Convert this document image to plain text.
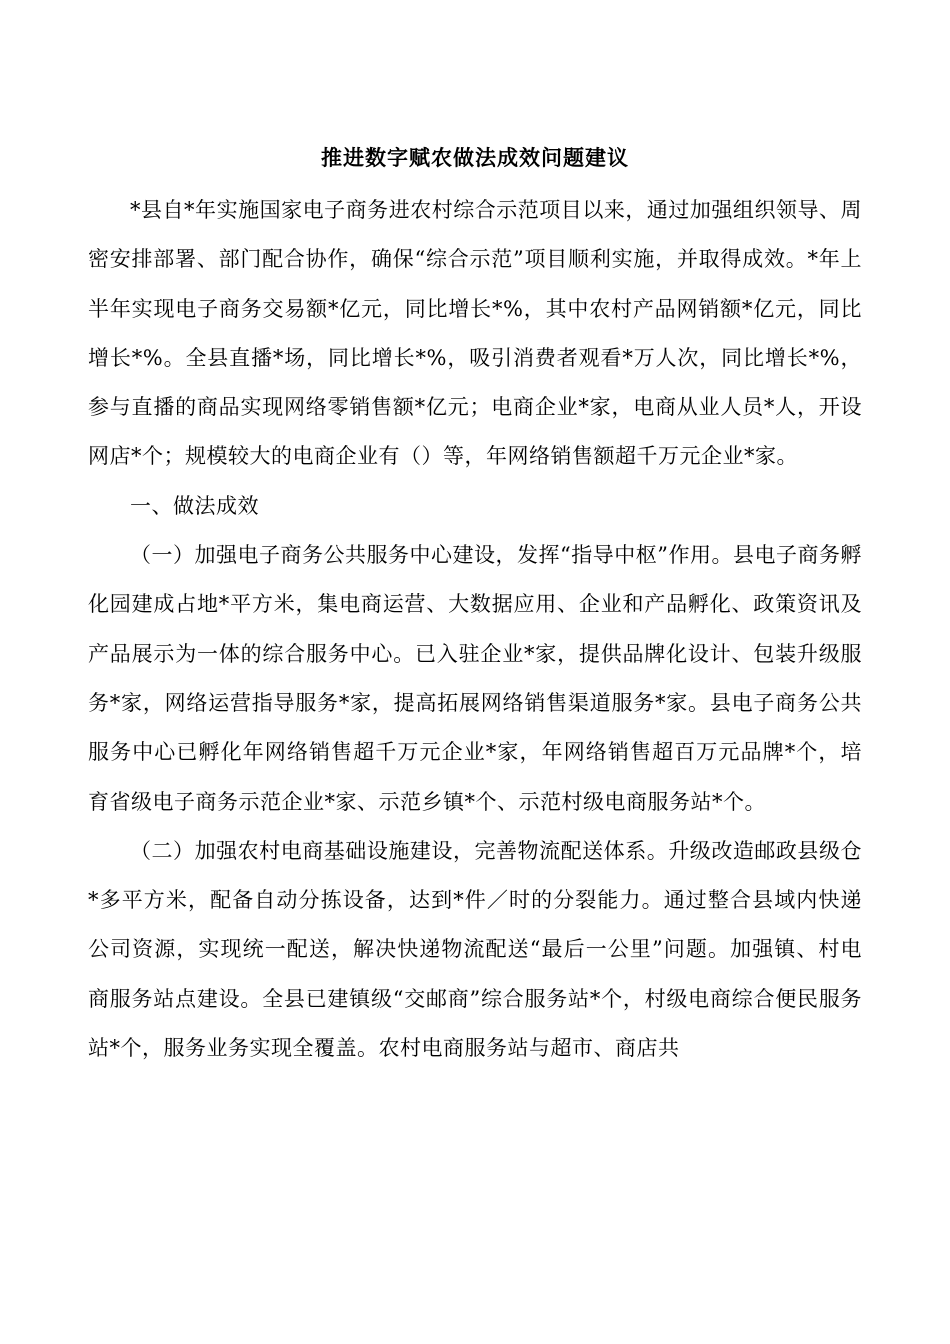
推进数字赋农做法成效问题建议

*县自*年实施国家电子商务进农村综合示范项目以来，通过加强组织领导、周密安排部署、部门配合协作，确保“综合示范”项目顺利实施，并取得成效。*年上半年实现电子商务交易额*亿元，同比增长*%，其中农村产品网销额*亿元，同比增长*%。全县直播*场，同比增长*%，吸引消费者观看*万人次，同比增长*%，参与直播的商品实现网络零销售额*亿元；电商企业*家，电商从业人员*人，开设网店*个；规模较大的电商企业有（）等，年网络销售额超千万元企业*家。

一、做法成效

（一）加强电子商务公共服务中心建设，发挥“指导中枢”作用。县电子商务孵化园建成占地*平方米，集电商运营、大数据应用、企业和产品孵化、政策资讯及产品展示为一体的综合服务中心。已入驻企业*家，提供品牌化设计、包装升级服务*家，网络运营指导服务*家，提高拓展网络销售渠道服务*家。县电子商务公共服务中心已孵化年网络销售超千万元企业*家，年网络销售超百万元品牌*个，培育省级电子商务示范企业*家、示范乡镇*个、示范村级电商服务站*个。

（二）加强农村电商基础设施建设，完善物流配送体系。升级改造邮政县级仓*多平方米，配备自动分拣设备，达到*件／时的分裂能力。通过整合县域内快递公司资源，实现统一配送，解决快递物流配送“最后一公里”问题。加强镇、村电商服务站点建设。全县已建镇级“交邮商”综合服务站*个，村级电商综合便民服务站*个，服务业务实现全覆盖。农村电商服务站与超市、商店共
